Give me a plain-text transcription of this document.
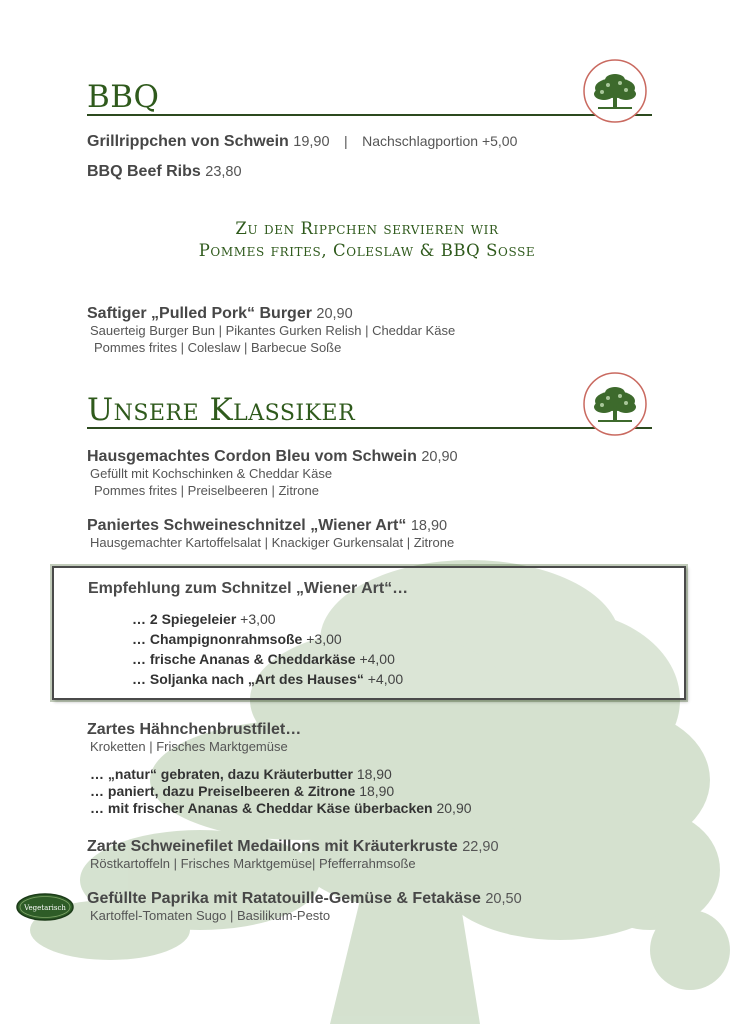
BBQ
Grillrippchen von Schwein 19,90 | Nachschlagportion +5,00
BBQ Beef Ribs 23,80
Zu den Rippchen servieren wir
Pommes frites, Coleslaw & BBQ Sosse
Saftiger „Pulled Pork“ Burger 20,90
Sauerteig Burger Bun | Pikantes Gurken Relish | Cheddar Käse
Pommes frites | Coleslaw | Barbecue Soße
Unsere Klassiker
Hausgemachtes Cordon Bleu vom Schwein 20,90
Gefüllt mit Kochschinken & Cheddar Käse
Pommes frites | Preiselbeeren | Zitrone
Paniertes Schweineschnitzel „Wiener Art“ 18,90
Hausgemachter Kartoffelsalat | Knackiger Gurkensalat | Zitrone
Empfehlung zum Schnitzel „Wiener Art“…
… 2 Spiegeleier +3,00
… Champignonrahmsoße +3,00
… frische Ananas & Cheddarkäse +4,00
… Soljanka nach „Art des Hauses“ +4,00
Zartes Hähnchenbrustfilet…
Kroketten | Frisches Marktgemüse
… „natur“ gebraten, dazu Kräuterbutter 18,90
… paniert, dazu Preiselbeeren & Zitrone 18,90
… mit frischer Ananas & Cheddar Käse überbacken 20,90
Zarte Schweinefilet Medaillons mit Kräuterkruste 22,90
Röstkartoffeln | Frisches Marktgemüse| Pfefferrahmsoße
Vegetarisch
Gefüllte Paprika mit Ratatouille-Gemüse & Fetakäse 20,50
Kartoffel-Tomaten Sugo | Basilikum-Pesto
